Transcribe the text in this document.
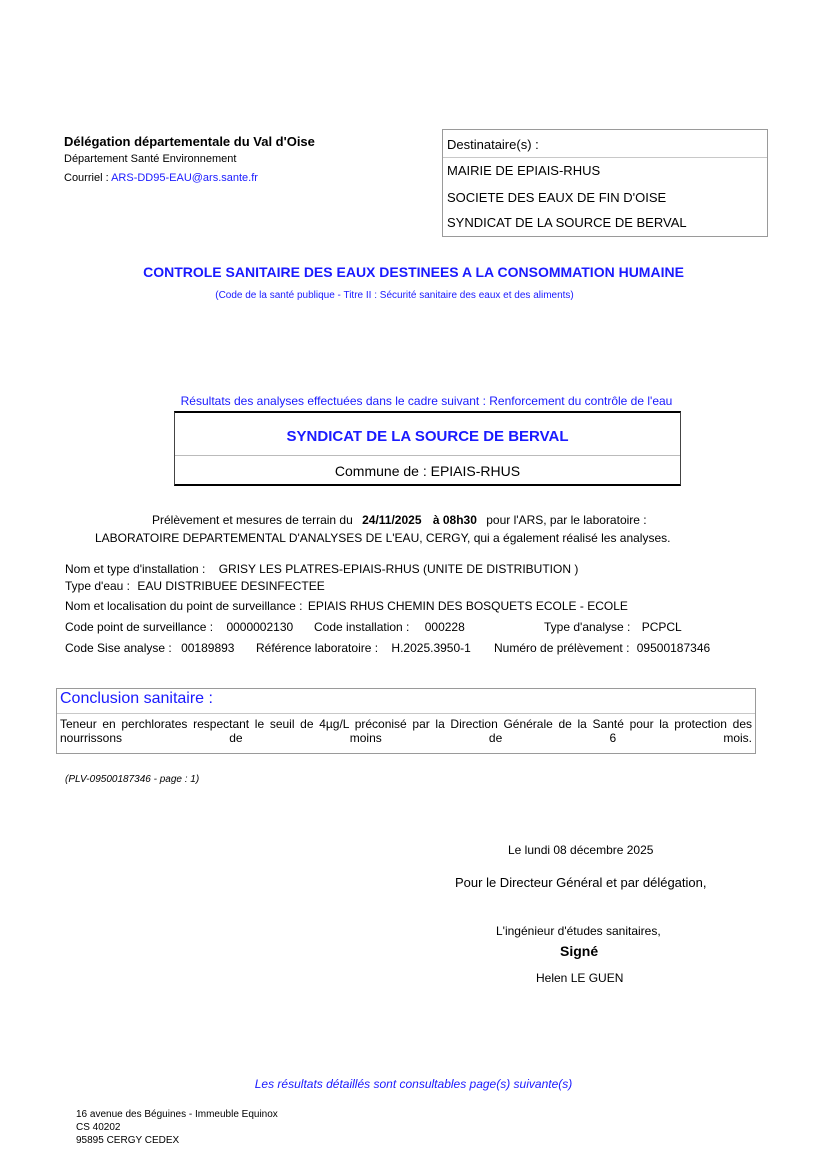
Délégation départementale du Val d'Oise
Département Santé Environnement
Courriel : ARS-DD95-EAU@ars.sante.fr
Destinataire(s) :
MAIRIE DE EPIAIS-RHUS
SOCIETE DES EAUX DE FIN D'OISE
SYNDICAT DE LA SOURCE DE BERVAL
CONTROLE SANITAIRE DES EAUX DESTINEES A LA CONSOMMATION HUMAINE
(Code de la santé publique - Titre II : Sécurité sanitaire des eaux et des aliments)
Résultats des analyses effectuées dans le cadre suivant : Renforcement du contrôle de l'eau
SYNDICAT DE LA SOURCE DE BERVAL
Commune de : EPIAIS-RHUS
Prélèvement et mesures de terrain du 24/11/2025 à 08h30 pour l'ARS, par le laboratoire :
LABORATOIRE DEPARTEMENTAL D'ANALYSES DE L'EAU, CERGY, qui a également réalisé les analyses.
Nom et type d'installation : GRISY LES PLATRES-EPIAIS-RHUS (UNITE DE DISTRIBUTION )
Type d'eau : EAU DISTRIBUEE DESINFECTEE
Nom et localisation du point de surveillance : EPIAIS RHUS CHEMIN DES BOSQUETS ECOLE - ECOLE
Code point de surveillance : 0000002130 Code installation : 000228	Type d'analyse : PCPCL
Code Sise analyse : 00189893 Référence laboratoire : H.2025.3950-1 Numéro de prélèvement : 09500187346
Conclusion sanitaire :
Teneur en perchlorates respectant le seuil de 4µg/L préconisé par la Direction Générale de la Santé pour la protection des nourrissons de moins de 6 mois.
(PLV-09500187346 - page : 1)
Le lundi 08 décembre 2025
Pour le Directeur Général et par délégation,
L'ingénieur d'études sanitaires,
Signé
Helen LE GUEN
Les résultats détaillés sont consultables page(s) suivante(s)
16 avenue des Béguines - Immeuble Equinox
CS 40202
95895 CERGY CEDEX
